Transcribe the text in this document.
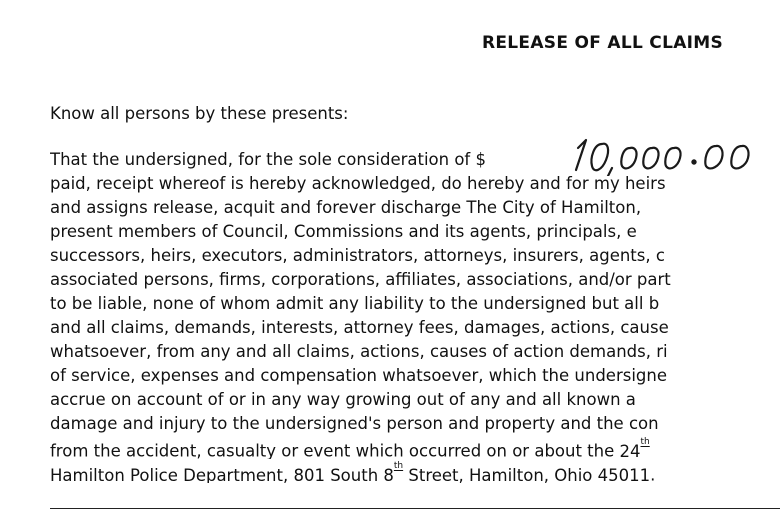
RELEASE OF ALL CLAIMS
Know all persons by these presents:
That the undersigned, for the sole consideration of $
paid, receipt whereof is hereby acknowledged, do hereby and for my heirs
and assigns release, acquit and forever discharge The City of Hamilton,
present members of Council, Commissions and its agents, principals, e
successors, heirs, executors, administrators, attorneys, insurers, agents, c
associated persons, firms, corporations, affiliates, associations, and/or part
to be liable, none of whom admit any liability to the undersigned but all b
and all claims, demands, interests, attorney fees, damages, actions, cause
whatsoever, from any and all claims, actions, causes of action demands, ri
of service, expenses and compensation whatsoever, which the undersigne
accrue on account of or in any way growing out of any and all known a
damage and injury to the undersigned's person and property and the con
from the accident, casualty or event which occurred on or about the 24th
Hamilton Police Department, 801 South 8th Street, Hamilton, Ohio 45011.
